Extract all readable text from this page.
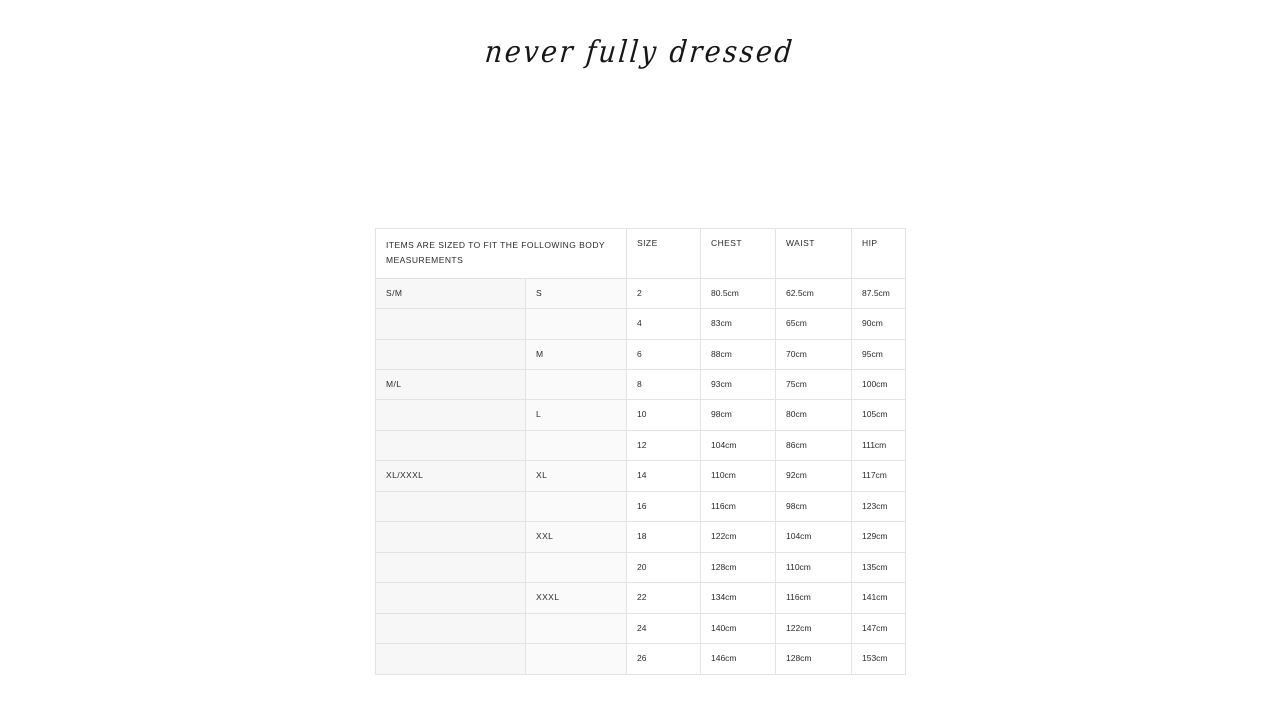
never fully dressed
ITEMS ARE SIZED TO FIT THE FOLLOWING BODY MEASUREMENTS		SIZE	CHEST	WAIST	HIP
S/M	S	2	80.5cm	62.5cm	87.5cm
		4	83cm	65cm	90cm
	M	6	88cm	70cm	95cm
M/L		8	93cm	75cm	100cm
	L	10	98cm	80cm	105cm
		12	104cm	86cm	111cm
XL/XXXL	XL	14	110cm	92cm	117cm
		16	116cm	98cm	123cm
	XXL	18	122cm	104cm	129cm
		20	128cm	110cm	135cm
	XXXL	22	134cm	116cm	141cm
		24	140cm	122cm	147cm
		26	146cm	128cm	153cm
